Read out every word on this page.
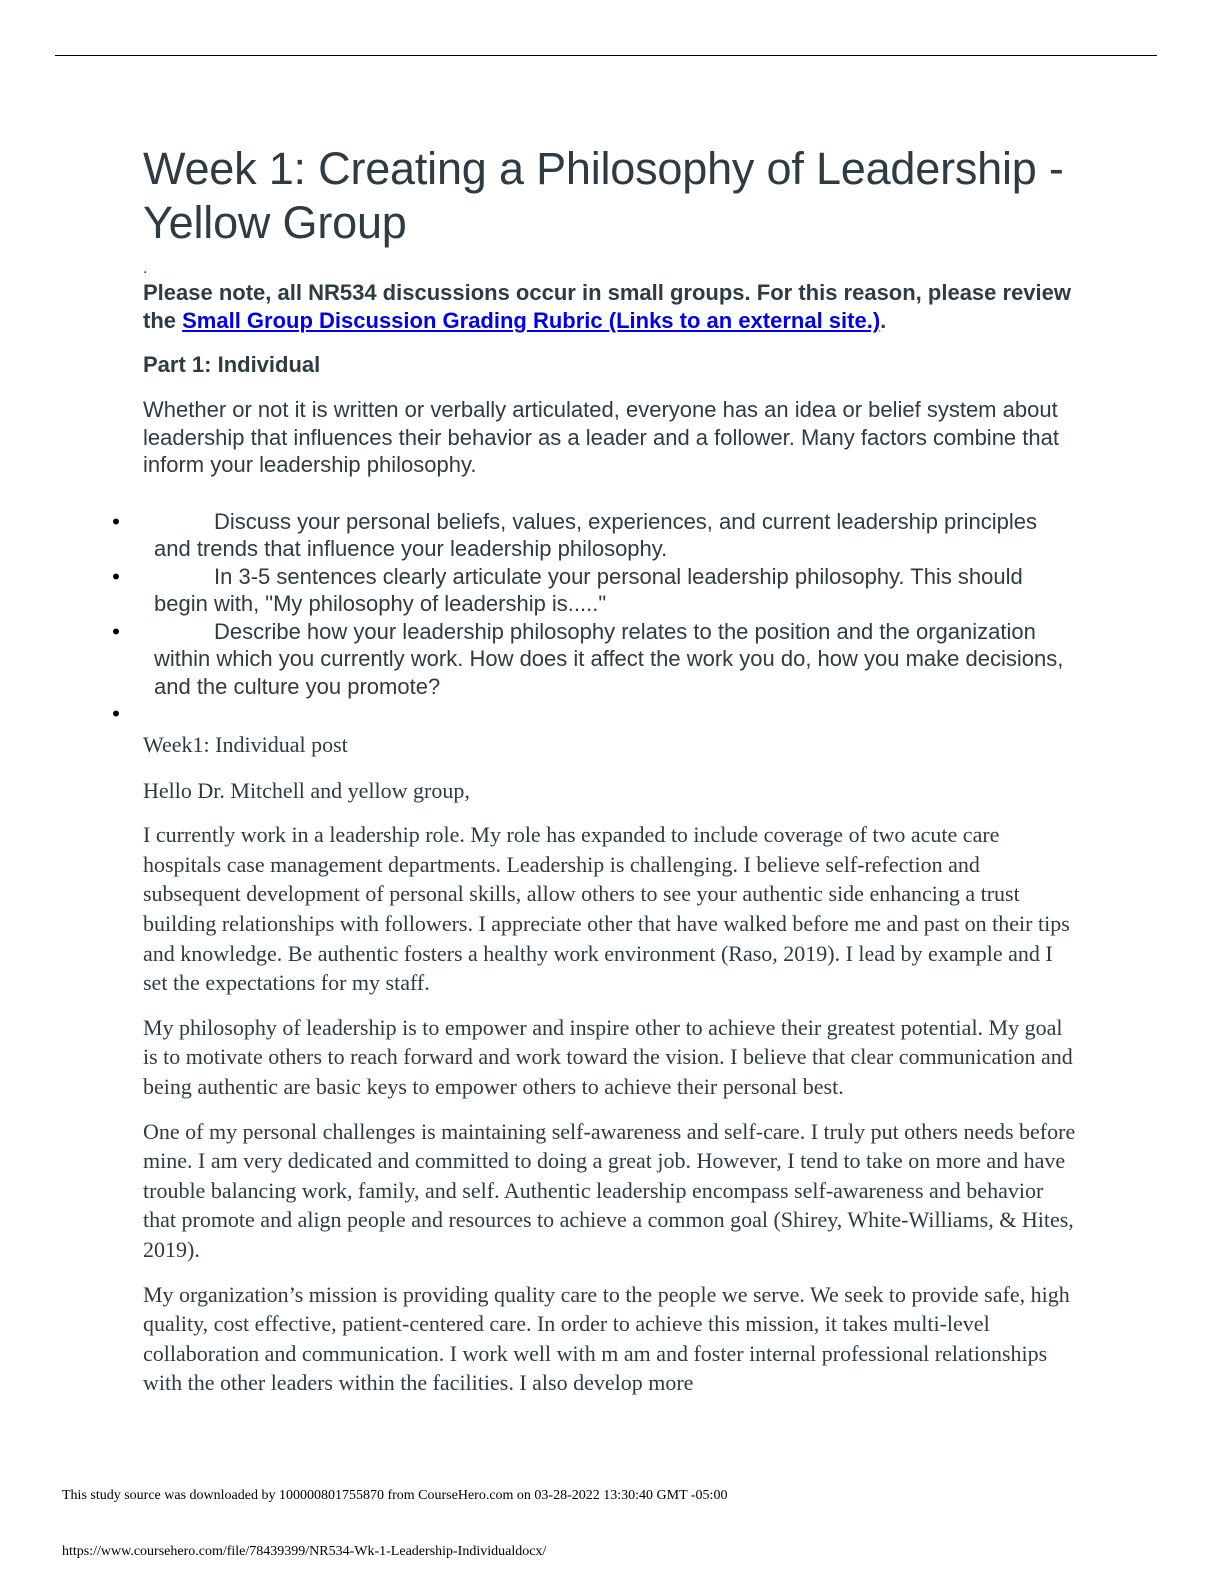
Week 1: Creating a Philosophy of Leadership - Yellow Group
.

Please note, all NR534 discussions occur in small groups. For this reason, please review the Small Group Discussion Grading Rubric (Links to an external site.).

Part 1: Individual

Whether or not it is written or verbally articulated, everyone has an idea or belief system about leadership that influences their behavior as a leader and a follower. Many factors combine that inform your leadership philosophy.

•	Discuss your personal beliefs, values, experiences, and current leadership principles and trends that influence your leadership philosophy.
•	In 3-5 sentences clearly articulate your personal leadership philosophy. This should begin with, "My philosophy of leadership is....."
•	Describe how your leadership philosophy relates to the position and the organization within which you currently work. How does it affect the work you do, how you make decisions, and the culture you promote?
•

Week1: Individual post

Hello Dr. Mitchell and yellow group,

I currently work in a leadership role. My role has expanded to include coverage of two acute care hospitals case management departments. Leadership is challenging. I believe self-refection and subsequent development of personal skills, allow others to see your authentic side enhancing a trust building relationships with followers. I appreciate other that have walked before me and past on their tips and knowledge. Be authentic fosters a healthy work environment (Raso, 2019). I lead by example and I set the expectations for my staff.

My philosophy of leadership is to empower and inspire other to achieve their greatest potential. My goal is to motivate others to reach forward and work toward the vision. I believe that clear communication and being authentic are basic keys to empower others to achieve their personal best.

One of my personal challenges is maintaining self-awareness and self-care. I truly put others needs before mine. I am very dedicated and committed to doing a great job. However, I tend to take on more and have trouble balancing work, family, and self. Authentic leadership encompass self-awareness and behavior that promote and align people and resources to achieve a common goal (Shirey, White-Williams, & Hites, 2019).

My organization’s mission is providing quality care to the people we serve. We seek to provide safe, high quality, cost effective, patient-centered care. In order to achieve this mission, it takes multi-level collaboration and communication. I work well with m am and foster internal professional relationships with the other leaders within the facilities. I also develop more

This study source was downloaded by 100000801755870 from CourseHero.com on 03-28-2022 13:30:40 GMT -05:00
https://www.coursehero.com/file/78439399/NR534-Wk-1-Leadership-Individualdocx/
